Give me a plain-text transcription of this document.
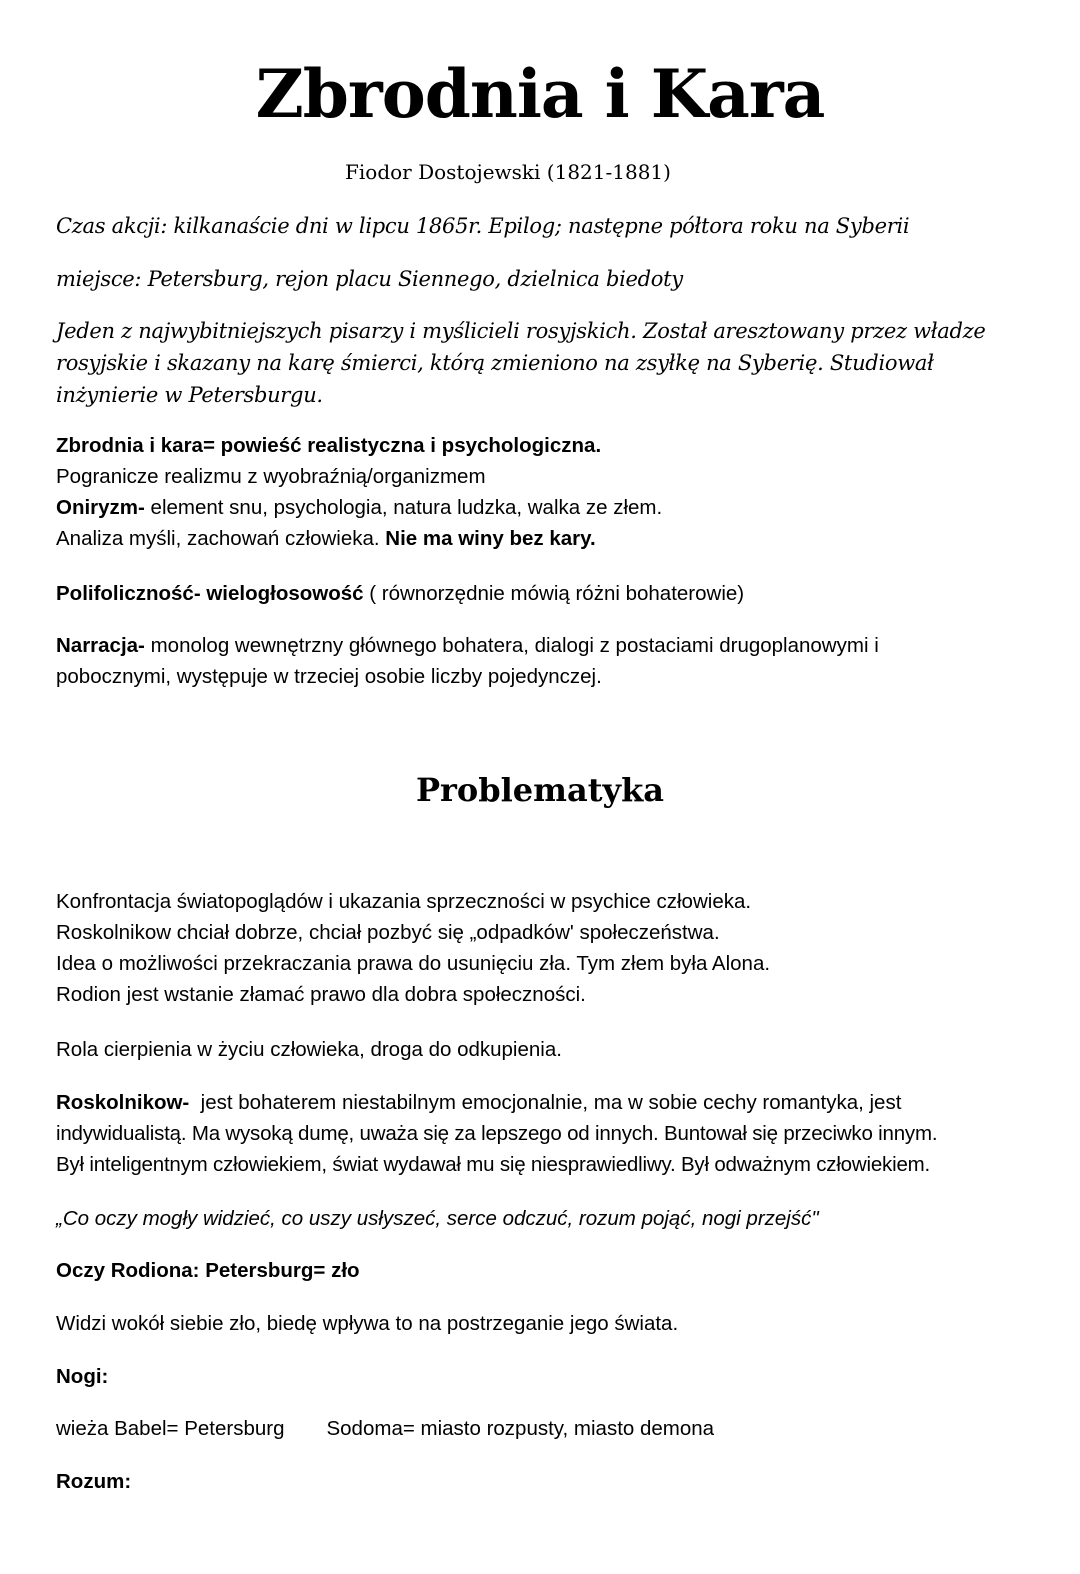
Zbrodnia i Kara

Fiodor Dostojewski (1821-1881)

Czas akcji: kilkanaście dni w lipcu 1865r. Epilog; następne półtora roku na Syberii

miejsce: Petersburg, rejon placu Siennego, dzielnica biedoty

Jeden z najwybitniejszych pisarzy i myślicieli rosyjskich. Został aresztowany przez władze
rosyjskie i skazany na karę śmierci, którą zmieniono na zsyłkę na Syberię. Studiował
inżynierie w Petersburgu.
Zbrodnia i kara= powieść realistyczna i psychologiczna.
Pogranicze realizmu z wyobraźnią/organizmem
Oniryzm- element snu, psychologia, natura ludzka, walka ze złem.
Analiza myśli, zachowań człowieka. Nie ma winy bez kary.
Polifoliczność- wielogłosowość ( równorzędnie mówią różni bohaterowie)
Narracja- monolog wewnętrzny głównego bohatera, dialogi z postaciami drugoplanowymi i
pobocznymi, występuje w trzeciej osobie liczby pojedynczej.
Problematyka
Konfrontacja światopoglądów i ukazania sprzeczności w psychice człowieka.
Roskolnikow chciał dobrze, chciał pozbyć się „odpadków' społeczeństwa.
Idea o możliwości przekraczania prawa do usunięciu zła. Tym złem była Alona.
Rodion jest wstanie złamać prawo dla dobra społeczności.

Rola cierpienia w życiu człowieka, droga do odkupienia.

Roskolnikow-  jest bohaterem niestabilnym emocjonalnie, ma w sobie cechy romantyka, jest
indywidualistą. Ma wysoką dumę, uważa się za lepszego od innych. Buntował się przeciwko innym.
Był inteligentnym człowiekiem, świat wydawał mu się niesprawiedliwy. Był odważnym człowiekiem.

„Co oczy mogły widzieć, co uszy usłyszeć, serce odczuć, rozum pojąć, nogi przejść"

Oczy Rodiona: Petersburg= zło

Widzi wokół siebie zło, biedę wpływa to na postrzeganie jego świata.

Nogi:

wieża Babel= Petersburg Sodoma= miasto rozpusty, miasto demona

Rozum:
